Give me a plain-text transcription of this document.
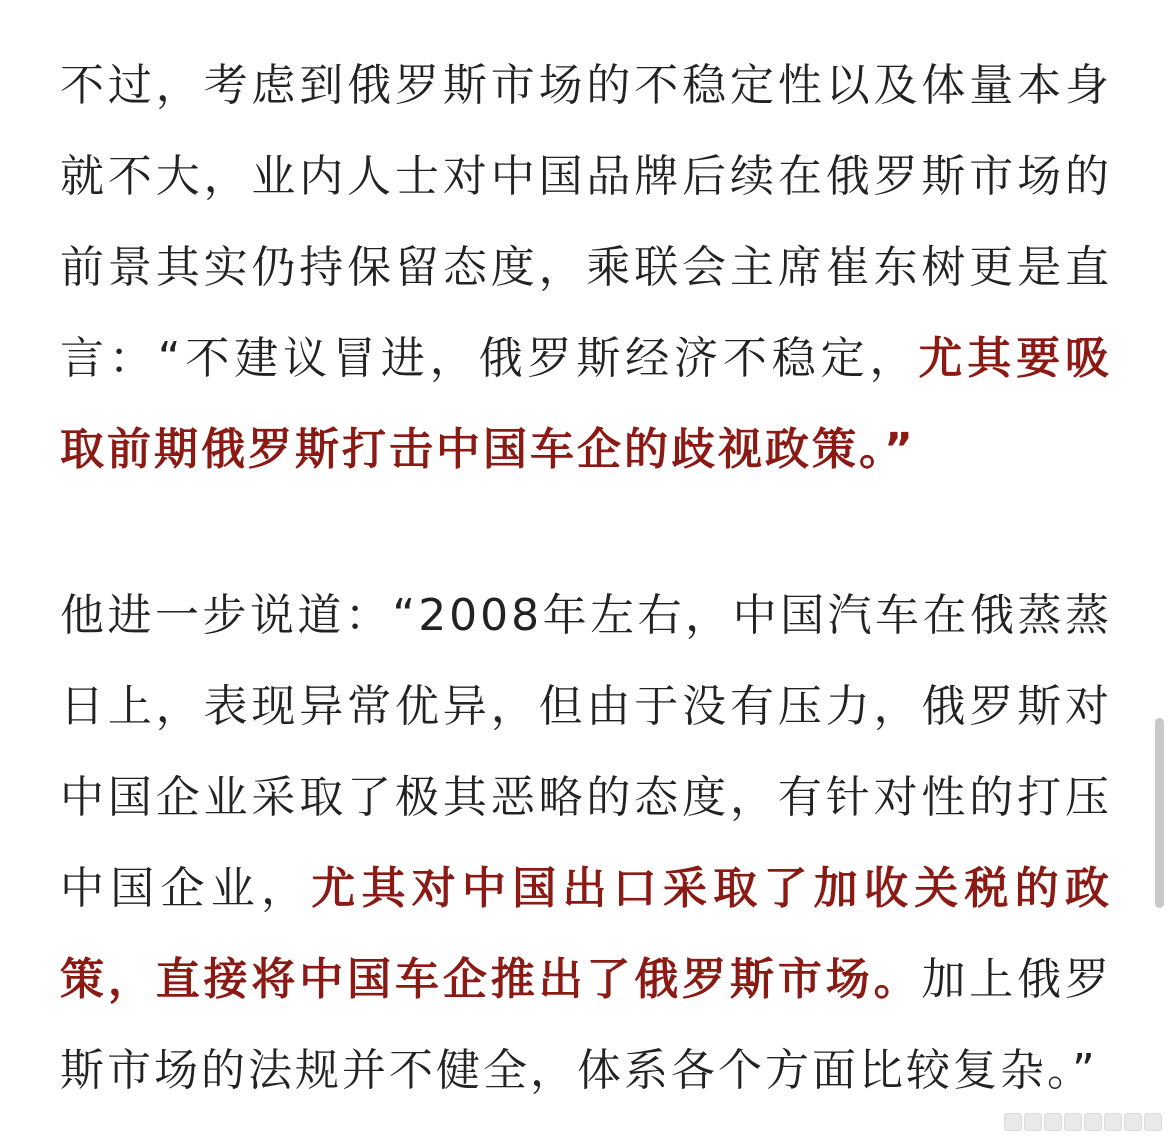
不过，考虑到俄罗斯市场的不稳定性以及体量本身就不大，业内人士对中国品牌后续在俄罗斯市场的前景其实仍持保留态度，乘联会主席崔东树更是直言：“不建议冒进，俄罗斯经济不稳定，尤其要吸取前期俄罗斯打击中国车企的歧视政策。”

他进一步说道：“2008年左右，中国汽车在俄蒸蒸日上，表现异常优异，但由于没有压力，俄罗斯对中国企业采取了极其恶略的态度，有针对性的打压中国企业，尤其对中国出口采取了加收关税的政策，直接将中国车企推出了俄罗斯市场。加上俄罗斯市场的法规并不健全，体系各个方面比较复杂。”
